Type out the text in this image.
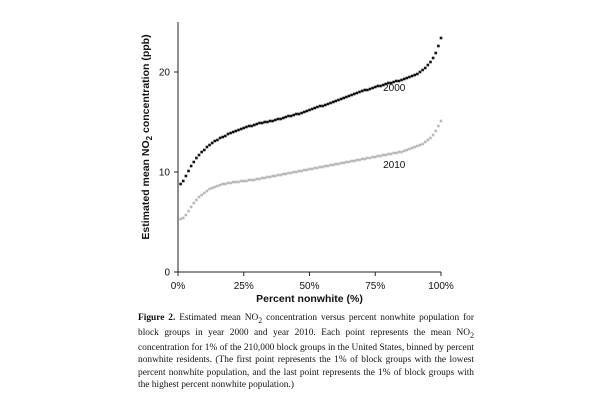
0%	25%	50%	75%	100%
0
10
20
2000
2010
Percent nonwhite (%)
Estimated mean $NO_2$ concentration (ppb)

Figure 2. Estimated mean $NO_2$ concentration versus percent nonwhite population for block groups in year 2000 and year 2010. Each point represents the mean $NO_2$ concentration for 1% of the 210,000 block groups in the United States, binned by percent nonwhite residents. (The first point represents the 1% of block groups with the lowest percent nonwhite population, and the last point represents the 1% of block groups with the highest percent nonwhite population.)
